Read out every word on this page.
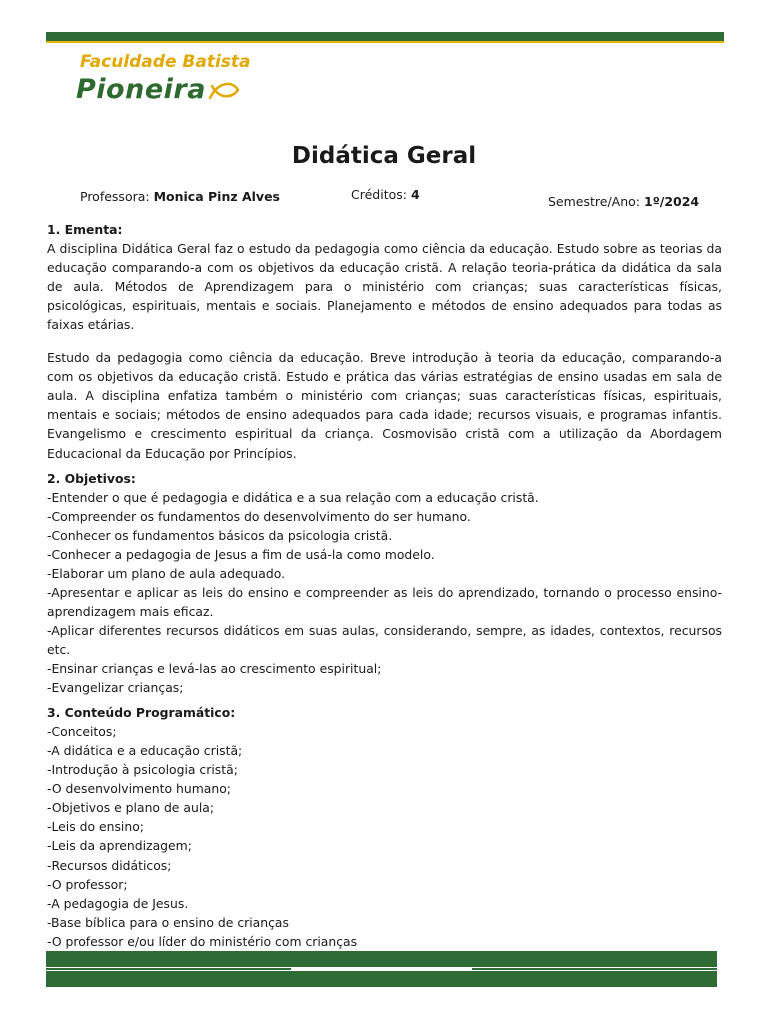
Faculdade Batista
Pioneira
Didática Geral
Professora: Monica Pinz Alves	Créditos: 4	Semestre/Ano: 1º/2024
1. Ementa:

A disciplina Didática Geral faz o estudo da pedagogia como ciência da educação. Estudo sobre as teorias da educação comparando-a com os objetivos da educação cristã. A relação teoria-prática da didática da sala de aula. Métodos de Aprendizagem para o ministério com crianças; suas características físicas, psicológicas, espirituais, mentais e sociais. Planejamento e métodos de ensino adequados para todas as faixas etárias.

Estudo da pedagogia como ciência da educação. Breve introdução à teoria da educação, comparando-a com os objetivos da educação cristã. Estudo e prática das várias estratégias de ensino usadas em sala de aula. A disciplina enfatiza também o ministério com crianças; suas características físicas, espirituais, mentais e sociais; métodos de ensino adequados para cada idade; recursos visuais, e programas infantis. Evangelismo e crescimento espiritual da criança. Cosmovisão cristã com a utilização da Abordagem Educacional da Educação por Princípios.

2. Objetivos:
-Entender o que é pedagogia e didática e a sua relação com a educação cristã.
-Compreender os fundamentos do desenvolvimento do ser humano.
-Conhecer os fundamentos básicos da psicologia cristã.
-Conhecer a pedagogia de Jesus a fim de usá-la como modelo.
-Elaborar um plano de aula adequado.
-Apresentar e aplicar as leis do ensino e compreender as leis do aprendizado, tornando o processo ensino-aprendizagem mais eficaz.
-Aplicar diferentes recursos didáticos em suas aulas, considerando, sempre, as idades, contextos, recursos etc.
-Ensinar crianças e levá-las ao crescimento espiritual;
-Evangelizar crianças;
3. Conteúdo Programático:
-Conceitos;
-A didática e a educação cristã;
-Introdução à psicologia cristã;
-O desenvolvimento humano;
-Objetivos e plano de aula;
-Leis do ensino;
-Leis da aprendizagem;
-Recursos didáticos;
-O professor;
-A pedagogia de Jesus.
-Base bíblica para o ensino de crianças
-O professor e/ou líder do ministério com crianças
